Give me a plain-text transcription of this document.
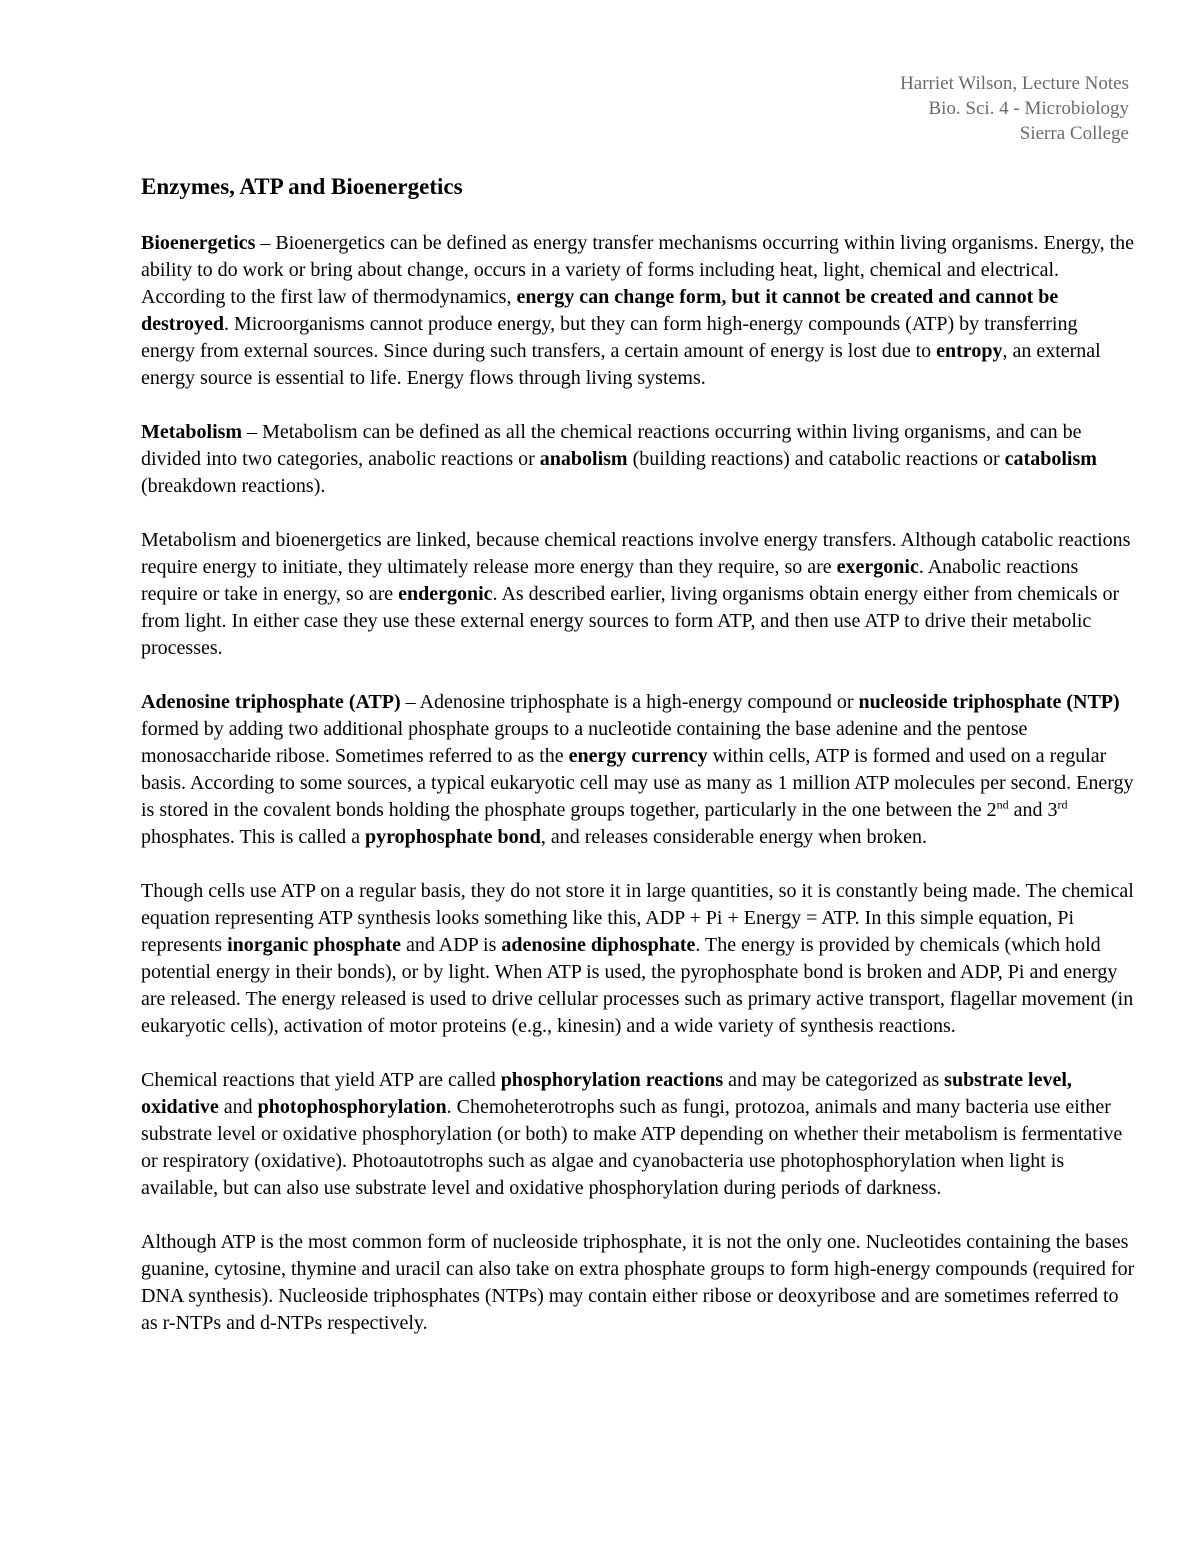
Harriet Wilson, Lecture Notes
Bio. Sci. 4 - Microbiology
Sierra College
Enzymes, ATP and Bioenergetics

Bioenergetics – Bioenergetics can be defined as energy transfer mechanisms occurring within living organisms. Energy, the ability to do work or bring about change, occurs in a variety of forms including heat, light, chemical and electrical. According to the first law of thermodynamics, energy can change form, but it cannot be created and cannot be destroyed. Microorganisms cannot produce energy, but they can form high-energy compounds (ATP) by transferring energy from external sources. Since during such transfers, a certain amount of energy is lost due to entropy, an external energy source is essential to life. Energy flows through living systems.

Metabolism – Metabolism can be defined as all the chemical reactions occurring within living organisms, and can be divided into two categories, anabolic reactions or anabolism (building reactions) and catabolic reactions or catabolism (breakdown reactions).

Metabolism and bioenergetics are linked, because chemical reactions involve energy transfers. Although catabolic reactions require energy to initiate, they ultimately release more energy than they require, so are exergonic. Anabolic reactions require or take in energy, so are endergonic. As described earlier, living organisms obtain energy either from chemicals or from light. In either case they use these external energy sources to form ATP, and then use ATP to drive their metabolic processes.

Adenosine triphosphate (ATP) – Adenosine triphosphate is a high-energy compound or nucleoside triphosphate (NTP) formed by adding two additional phosphate groups to a nucleotide containing the base adenine and the pentose monosaccharide ribose. Sometimes referred to as the energy currency within cells, ATP is formed and used on a regular basis. According to some sources, a typical eukaryotic cell may use as many as 1 million ATP molecules per second. Energy is stored in the covalent bonds holding the phosphate groups together, particularly in the one between the 2nd and 3rd phosphates. This is called a pyrophosphate bond, and releases considerable energy when broken.

Though cells use ATP on a regular basis, they do not store it in large quantities, so it is constantly being made. The chemical equation representing ATP synthesis looks something like this, ADP + Pi + Energy = ATP. In this simple equation, Pi represents inorganic phosphate and ADP is adenosine diphosphate. The energy is provided by chemicals (which hold potential energy in their bonds), or by light. When ATP is used, the pyrophosphate bond is broken and ADP, Pi and energy are released. The energy released is used to drive cellular processes such as primary active transport, flagellar movement (in eukaryotic cells), activation of motor proteins (e.g., kinesin) and a wide variety of synthesis reactions.

Chemical reactions that yield ATP are called phosphorylation reactions and may be categorized as substrate level, oxidative and photophosphorylation. Chemoheterotrophs such as fungi, protozoa, animals and many bacteria use either substrate level or oxidative phosphorylation (or both) to make ATP depending on whether their metabolism is fermentative or respiratory (oxidative). Photoautotrophs such as algae and cyanobacteria use photophosphorylation when light is available, but can also use substrate level and oxidative phosphorylation during periods of darkness.

Although ATP is the most common form of nucleoside triphosphate, it is not the only one. Nucleotides containing the bases guanine, cytosine, thymine and uracil can also take on extra phosphate groups to form high-energy compounds (required for DNA synthesis). Nucleoside triphosphates (NTPs) may contain either ribose or deoxyribose and are sometimes referred to as r-NTPs and d-NTPs respectively.
